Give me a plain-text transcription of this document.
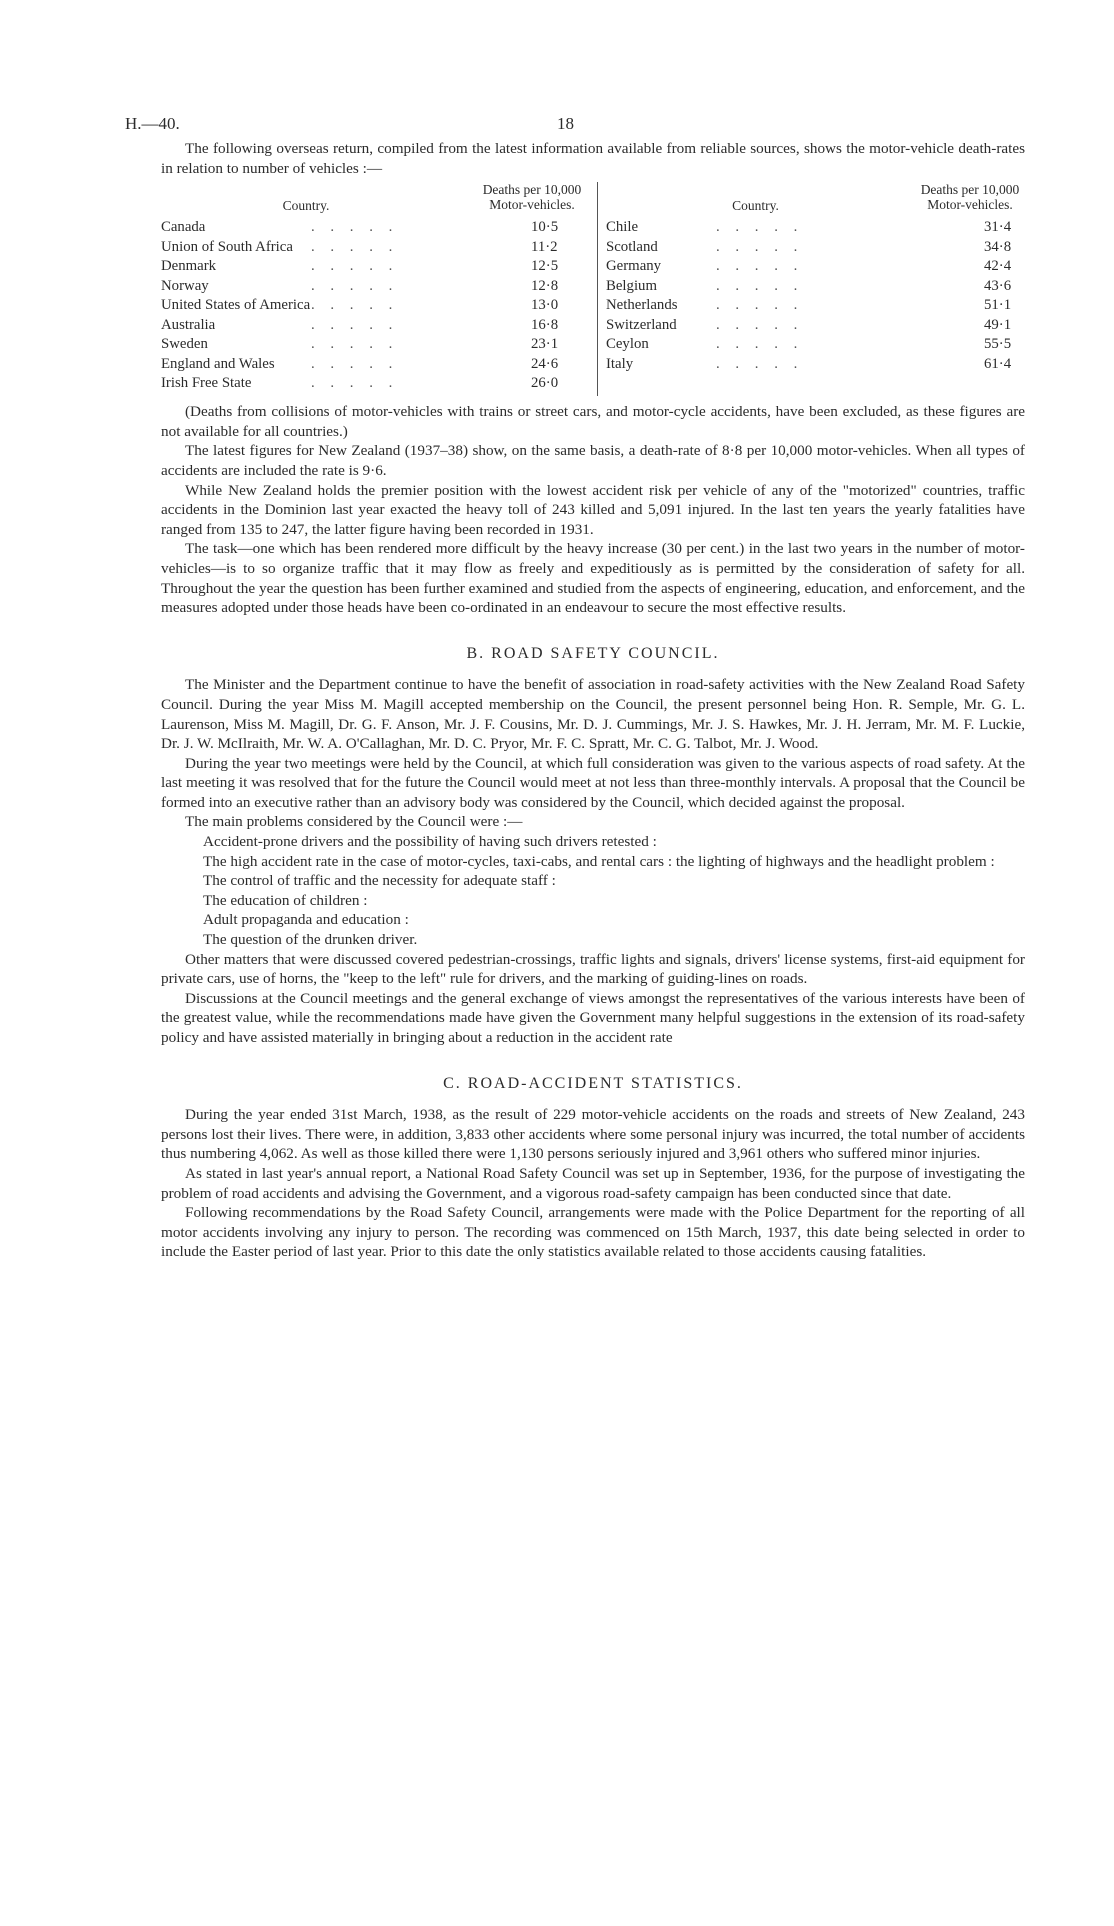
H.—40.	18

The following overseas return, compiled from the latest information available from reliable sources, shows the motor-vehicle death-rates in relation to number of vehicles :—

Country.
Deaths per 10,000 Motor-vehicles.
Canada	. . . . .	10·5
Union of South Africa . . . . .	11·2
Denmark	. . . . .	12·5
Norway	. . . . .	12·8
United States of America . . . . .	13·0
Australia	. . . . .	16·8
Sweden	. . . . .	23·1
England and Wales . . . . .	24·6
Irish Free State	. . . . .	26·0
Country.
Deaths per 10,000 Motor-vehicles.
Chile	. . . . .	31·4
Scotland	. . . . .	34·8
Germany	. . . . .	42·4
Belgium	. . . . .	43·6
Netherlands	. . . . .	51·1
Switzerland	. . . . .	49·1
Ceylon	. . . . .	55·5
Italy	. . . . .	61·4

(Deaths from collisions of motor-vehicles with trains or street cars, and motor-cycle accidents, have been excluded, as these figures are not available for all countries.)

The latest figures for New Zealand (1937–38) show, on the same basis, a death-rate of 8·8 per 10,000 motor-vehicles. When all types of accidents are included the rate is 9·6.

While New Zealand holds the premier position with the lowest accident risk per vehicle of any of the "motorized" countries, traffic accidents in the Dominion last year exacted the heavy toll of 243 killed and 5,091 injured. In the last ten years the yearly fatalities have ranged from 135 to 247, the latter figure having been recorded in 1931.

The task—one which has been rendered more difficult by the heavy increase (30 per cent.) in the last two years in the number of motor-vehicles—is to so organize traffic that it may flow as freely and expeditiously as is permitted by the consideration of safety for all. Throughout the year the question has been further examined and studied from the aspects of engineering, education, and enforcement, and the measures adopted under those heads have been co-ordinated in an endeavour to secure the most effective results.

B. ROAD SAFETY COUNCIL.

The Minister and the Department continue to have the benefit of association in road-safety activities with the New Zealand Road Safety Council. During the year Miss M. Magill accepted membership on the Council, the present personnel being Hon. R. Semple, Mr. G. L. Laurenson, Miss M. Magill, Dr. G. F. Anson, Mr. J. F. Cousins, Mr. D. J. Cummings, Mr. J. S. Hawkes, Mr. J. H. Jerram, Mr. M. F. Luckie, Dr. J. W. McIlraith, Mr. W. A. O'Callaghan, Mr. D. C. Pryor, Mr. F. C. Spratt, Mr. C. G. Talbot, Mr. J. Wood.

During the year two meetings were held by the Council, at which full consideration was given to the various aspects of road safety. At the last meeting it was resolved that for the future the Council would meet at not less than three-monthly intervals. A proposal that the Council be formed into an executive rather than an advisory body was considered by the Council, which decided against the proposal.

The main problems considered by the Council were :—

Accident-prone drivers and the possibility of having such drivers retested :
The high accident rate in the case of motor-cycles, taxi-cabs, and rental cars : the lighting of highways and the headlight problem :
The control of traffic and the necessity for adequate staff :
The education of children :
Adult propaganda and education :
The question of the drunken driver.

Other matters that were discussed covered pedestrian-crossings, traffic lights and signals, drivers' license systems, first-aid equipment for private cars, use of horns, the "keep to the left" rule for drivers, and the marking of guiding-lines on roads.

Discussions at the Council meetings and the general exchange of views amongst the representatives of the various interests have been of the greatest value, while the recommendations made have given the Government many helpful suggestions in the extension of its road-safety policy and have assisted materially in bringing about a reduction in the accident rate

C. ROAD-ACCIDENT STATISTICS.

During the year ended 31st March, 1938, as the result of 229 motor-vehicle accidents on the roads and streets of New Zealand, 243 persons lost their lives. There were, in addition, 3,833 other accidents where some personal injury was incurred, the total number of accidents thus numbering 4,062. As well as those killed there were 1,130 persons seriously injured and 3,961 others who suffered minor injuries.

As stated in last year's annual report, a National Road Safety Council was set up in September, 1936, for the purpose of investigating the problem of road accidents and advising the Government, and a vigorous road-safety campaign has been conducted since that date.

Following recommendations by the Road Safety Council, arrangements were made with the Police Department for the reporting of all motor accidents involving any injury to person. The recording was commenced on 15th March, 1937, this date being selected in order to include the Easter period of last year. Prior to this date the only statistics available related to those accidents causing fatalities.
